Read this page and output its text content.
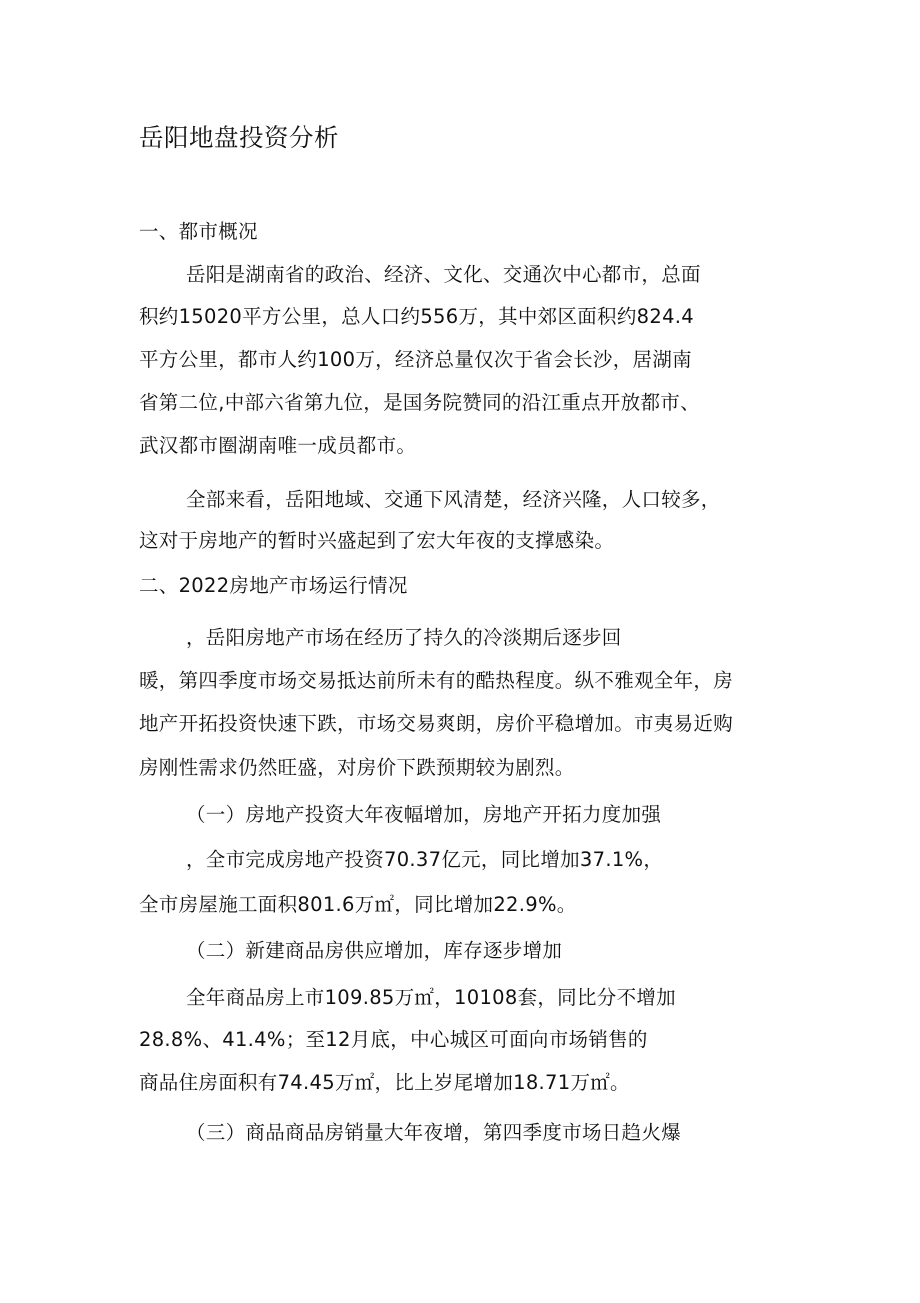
岳阳地盘投资分析
一、都市概况
岳阳是湖南省的政治、经济、文化、交通次中心都市，总面
积约15020平方公里，总人口约556万，其中郊区面积约824.4
平方公里，都市人约100万，经济总量仅次于省会长沙，居湖南
省第二位,中部六省第九位，是国务院赞同的沿江重点开放都市、
武汉都市圈湖南唯一成员都市。
全部来看，岳阳地域、交通下风清楚，经济兴隆，人口较多，
这对于房地产的暂时兴盛起到了宏大年夜的支撑感染。
二、2022房地产市场运行情况
，岳阳房地产市场在经历了持久的冷淡期后逐步回
暖，第四季度市场交易抵达前所未有的酷热程度。纵不雅观全年，房
地产开拓投资快速下跌，市场交易爽朗，房价平稳增加。市夷易近购
房刚性需求仍然旺盛，对房价下跌预期较为剧烈。
（一）房地产投资大年夜幅增加，房地产开拓力度加强
，全市完成房地产投资70.37亿元，同比增加37.1%，
全市房屋施工面积801.6万㎡，同比增加22.9%。
（二）新建商品房供应增加，库存逐步增加
全年商品房上市109.85万㎡，10108套，同比分不增加
28.8%、41.4%；至12月底，中心城区可面向市场销售的
商品住房面积有74.45万㎡，比上岁尾增加18.71万㎡。
（三）商品商品房销量大年夜增，第四季度市场日趋火爆
